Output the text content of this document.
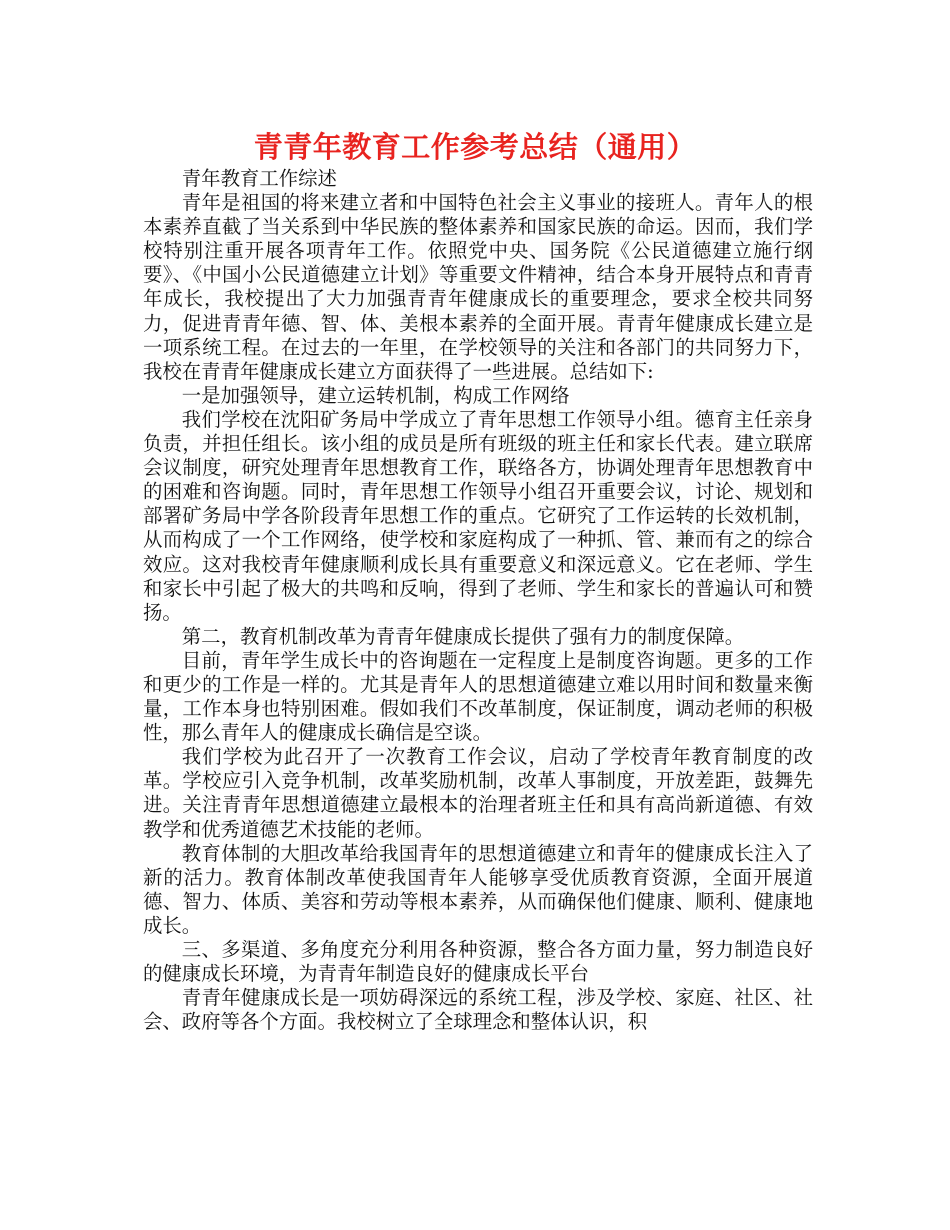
青青年教育工作参考总结（通用）

青年教育工作综述

青年是祖国的将来建立者和中国特色社会主义事业的接班人。青年人的根本素养直截了当关系到中华民族的整体素养和国家民族的命运。因而，我们学校特别注重开展各项青年工作。依照党中央、国务院《公民道德建立施行纲要》、《中国小公民道德建立计划》等重要文件精神，结合本身开展特点和青青年成长，我校提出了大力加强青青年健康成长的重要理念，要求全校共同努力，促进青青年德、智、体、美根本素养的全面开展。青青年健康成长建立是一项系统工程。在过去的一年里，在学校领导的关注和各部门的共同努力下，我校在青青年健康成长建立方面获得了一些进展。总结如下:

一是加强领导，建立运转机制，构成工作网络

我们学校在沈阳矿务局中学成立了青年思想工作领导小组。德育主任亲身负责，并担任组长。该小组的成员是所有班级的班主任和家长代表。建立联席会议制度，研究处理青年思想教育工作，联络各方，协调处理青年思想教育中的困难和咨询题。同时，青年思想工作领导小组召开重要会议，讨论、规划和部署矿务局中学各阶段青年思想工作的重点。它研究了工作运转的长效机制，从而构成了一个工作网络，使学校和家庭构成了一种抓、管、兼而有之的综合效应。这对我校青年健康顺利成长具有重要意义和深远意义。它在老师、学生和家长中引起了极大的共鸣和反响，得到了老师、学生和家长的普遍认可和赞扬。

第二，教育机制改革为青青年健康成长提供了强有力的制度保障。

目前，青年学生成长中的咨询题在一定程度上是制度咨询题。更多的工作和更少的工作是一样的。尤其是青年人的思想道德建立难以用时间和数量来衡量，工作本身也特别困难。假如我们不改革制度，保证制度，调动老师的积极性，那么青年人的健康成长确信是空谈。

我们学校为此召开了一次教育工作会议，启动了学校青年教育制度的改革。学校应引入竞争机制，改革奖励机制，改革人事制度，开放差距，鼓舞先进。关注青青年思想道德建立最根本的治理者班主任和具有高尚新道德、有效教学和优秀道德艺术技能的老师。

教育体制的大胆改革给我国青年的思想道德建立和青年的健康成长注入了新的活力。教育体制改革使我国青年人能够享受优质教育资源，全面开展道德、智力、体质、美容和劳动等根本素养，从而确保他们健康、顺利、健康地成长。

三、多渠道、多角度充分利用各种资源，整合各方面力量，努力制造良好的健康成长环境，为青青年制造良好的健康成长平台

青青年健康成长是一项妨碍深远的系统工程，涉及学校、家庭、社区、社会、政府等各个方面。我校树立了全球理念和整体认识，积
